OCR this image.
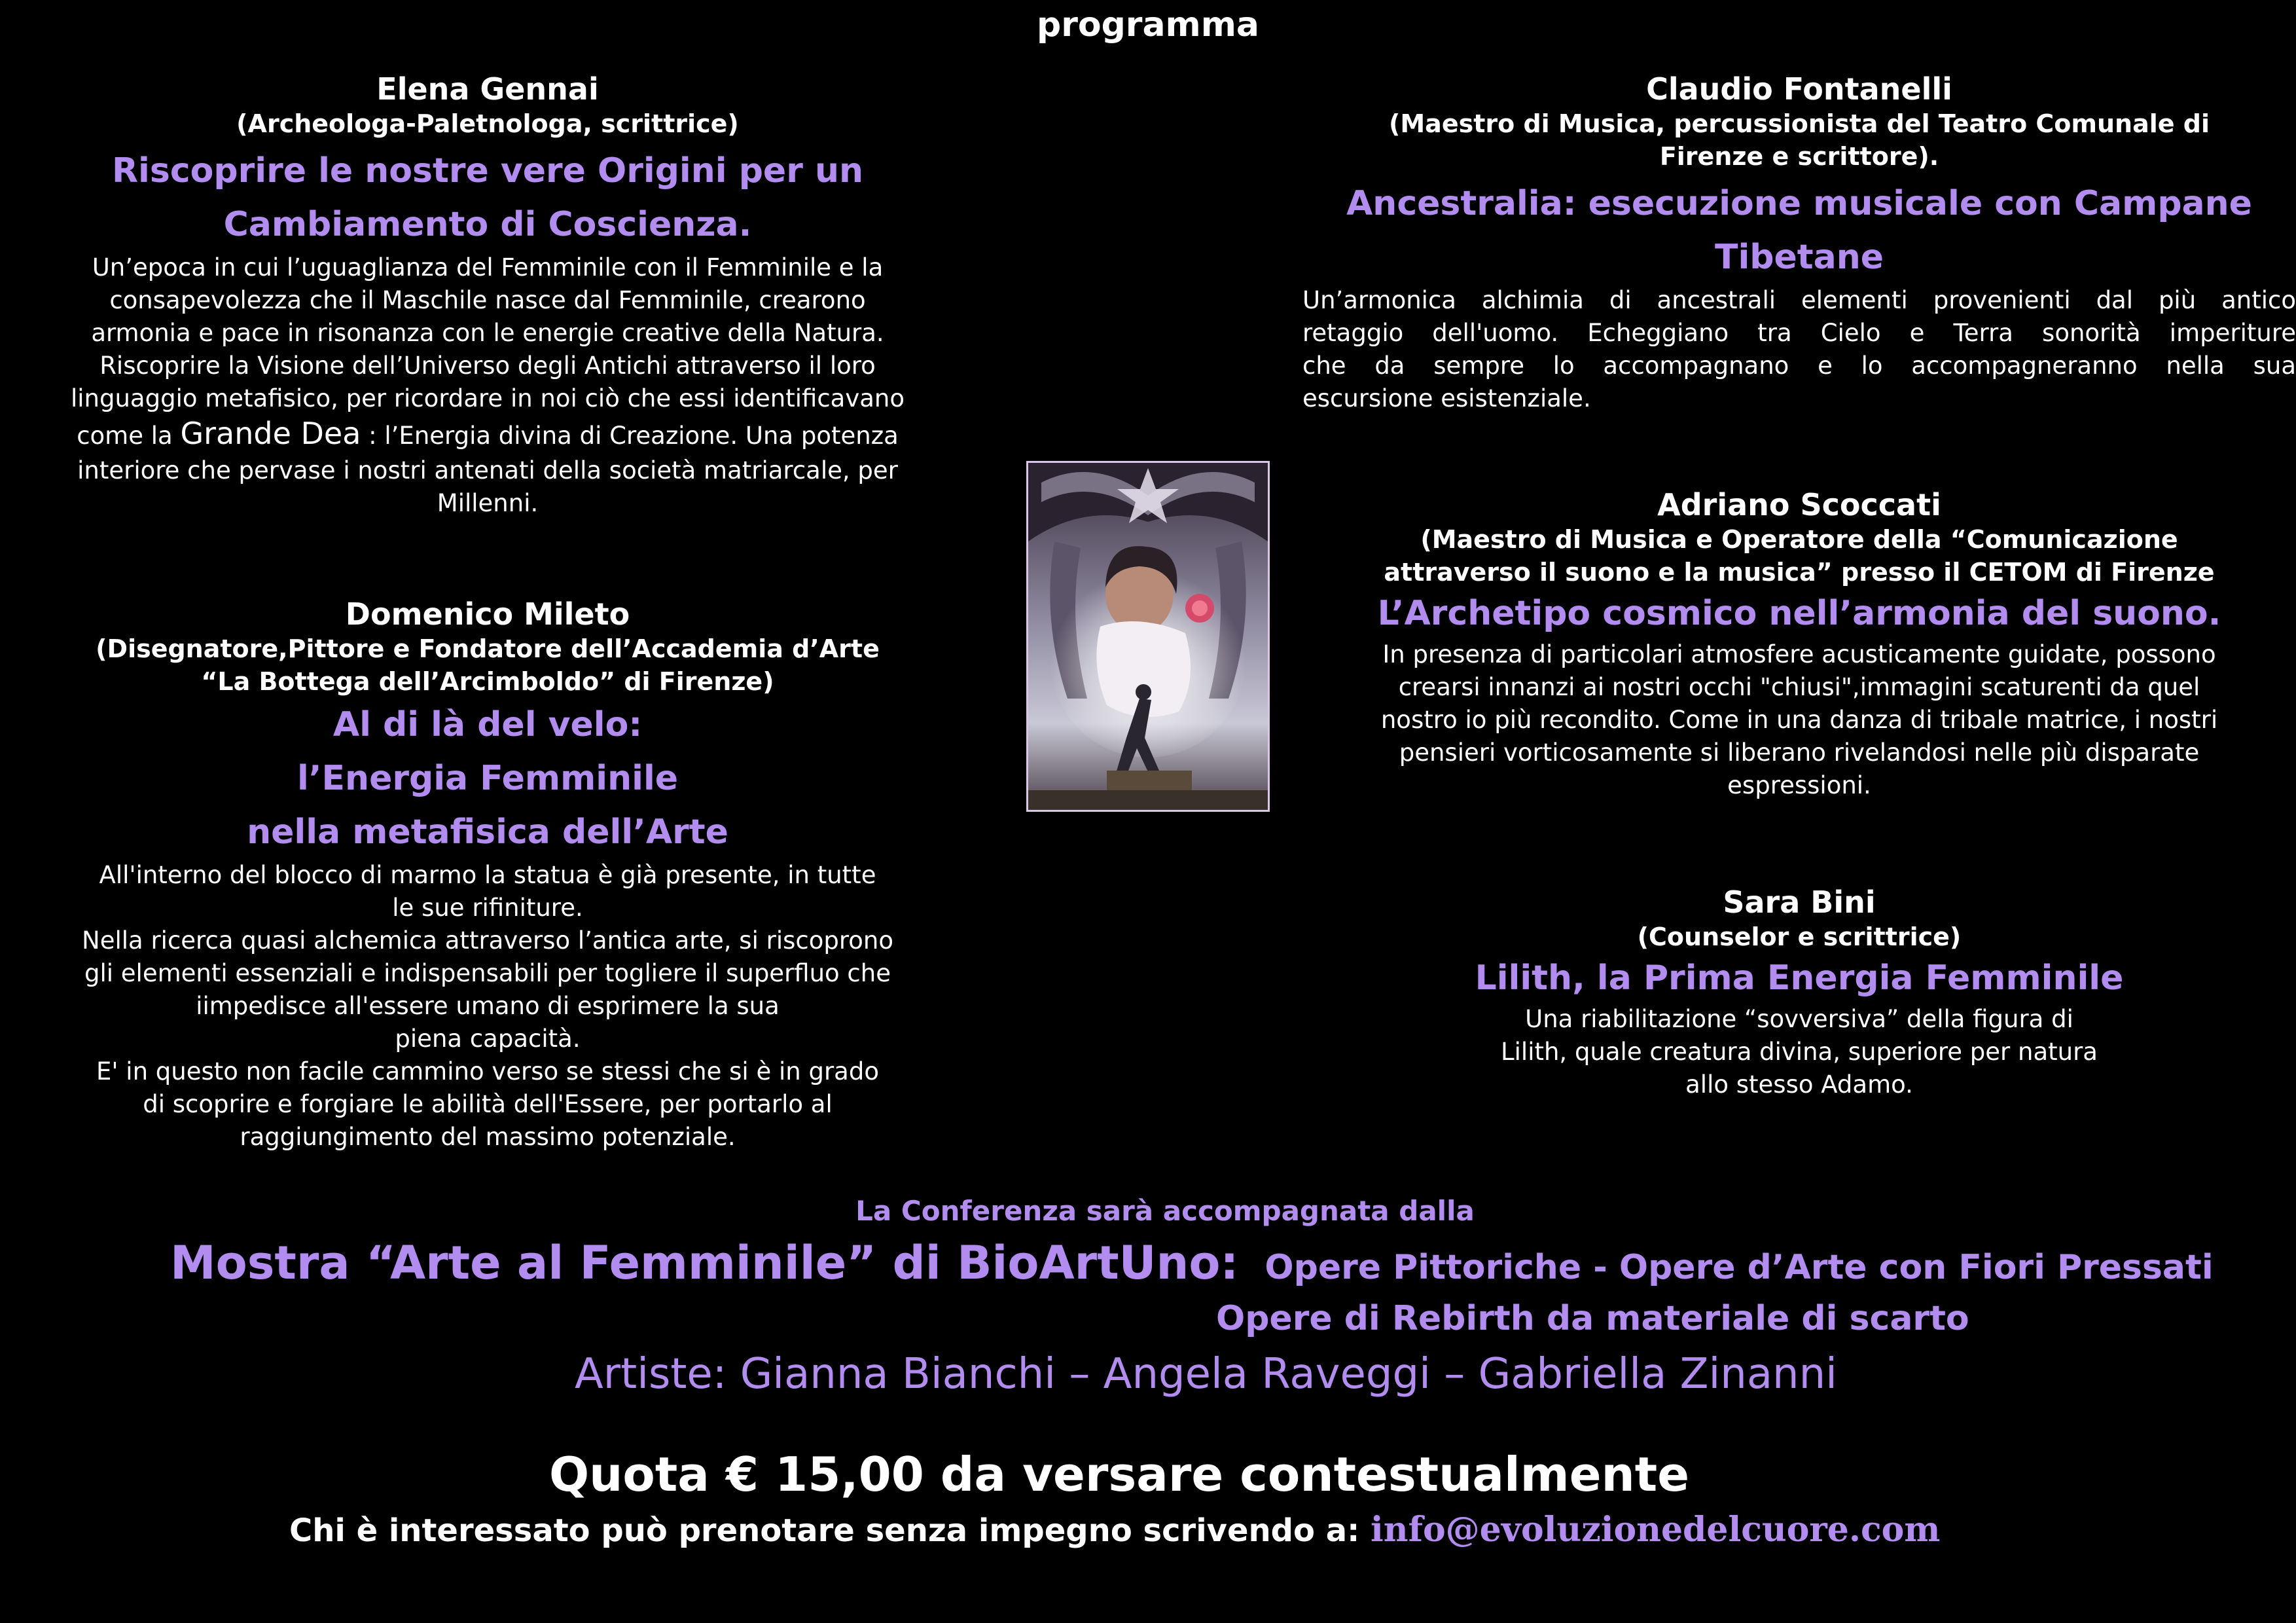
programma
Elena Gennai
(Archeologa-Paletnologa, scrittrice)
Riscoprire le nostre vere Origini per un
Cambiamento di Coscienza.

Un’epoca in cui l’uguaglianza del Femminile con il Femminile e la

consapevolezza che il Maschile nasce dal Femminile, crearono

armonia e pace in risonanza con le energie creative della Natura.

Riscoprire la Visione dell’Universo degli Antichi attraverso il loro

linguaggio metafisico, per ricordare in noi ciò che essi identificavano

come la Grande Dea : l’Energia divina di Creazione. Una potenza

interiore che pervase i nostri antenati della società matriarcale, per

Millenni.

Domenico Mileto
(Disegnatore,Pittore e Fondatore dell’Accademia d’Arte
“La Bottega dell’Arcimboldo” di Firenze)
Al di là del velo:
l’Energia Femminile
nella metafisica dell’Arte

All'interno del blocco di marmo la statua è già presente, in tutte

le sue rifiniture.

Nella ricerca quasi alchemica attraverso l’antica arte, si riscoprono

gli elementi essenziali e indispensabili per togliere il superfluo che

iimpedisce all'essere umano di esprimere la sua

piena capacità.

E' in questo non facile cammino verso se stessi che si è in grado

di scoprire e forgiare le abilità dell'Essere, per portarlo al

raggiungimento del massimo potenziale.

Claudio Fontanelli
(Maestro di Musica, percussionista del Teatro Comunale di
Firenze e scrittore).
Ancestralia: esecuzione musicale con Campane
Tibetane

Un’armonica alchimia di ancestrali elementi provenienti dal più antico

retaggio dell'uomo. Echeggiano tra Cielo e Terra sonorità imperiture

che da sempre lo accompagnano e lo accompagneranno nella sua

escursione esistenziale.

Adriano Scoccati
(Maestro di Musica e Operatore della “Comunicazione
attraverso il suono e la musica” presso il CETOM di Firenze
L’Archetipo cosmico nell’armonia del suono.

In presenza di particolari atmosfere acusticamente guidate, possono

crearsi innanzi ai nostri occhi "chiusi",immagini scaturenti da quel

nostro io più recondito. Come in una danza di tribale matrice, i nostri

pensieri vorticosamente si liberano rivelandosi nelle più disparate

espressioni.

Sara Bini
(Counselor e scrittrice)
Lilith, la Prima Energia Femminile

Una riabilitazione “sovversiva” della figura di

Lilith, quale creatura divina, superiore per natura

allo stesso Adamo.

La Conferenza sarà accompagnata dalla
Mostra “Arte al Femminile” di BioArtUno: Opere Pittoriche - Opere d’Arte con Fiori Pressati
Opere di Rebirth da materiale di scarto
Artiste: Gianna Bianchi – Angela Raveggi – Gabriella Zinanni
Quota € 15,00 da versare contestualmente
Chi è interessato può prenotare senza impegno scrivendo a: info@evoluzionedelcuore.com
